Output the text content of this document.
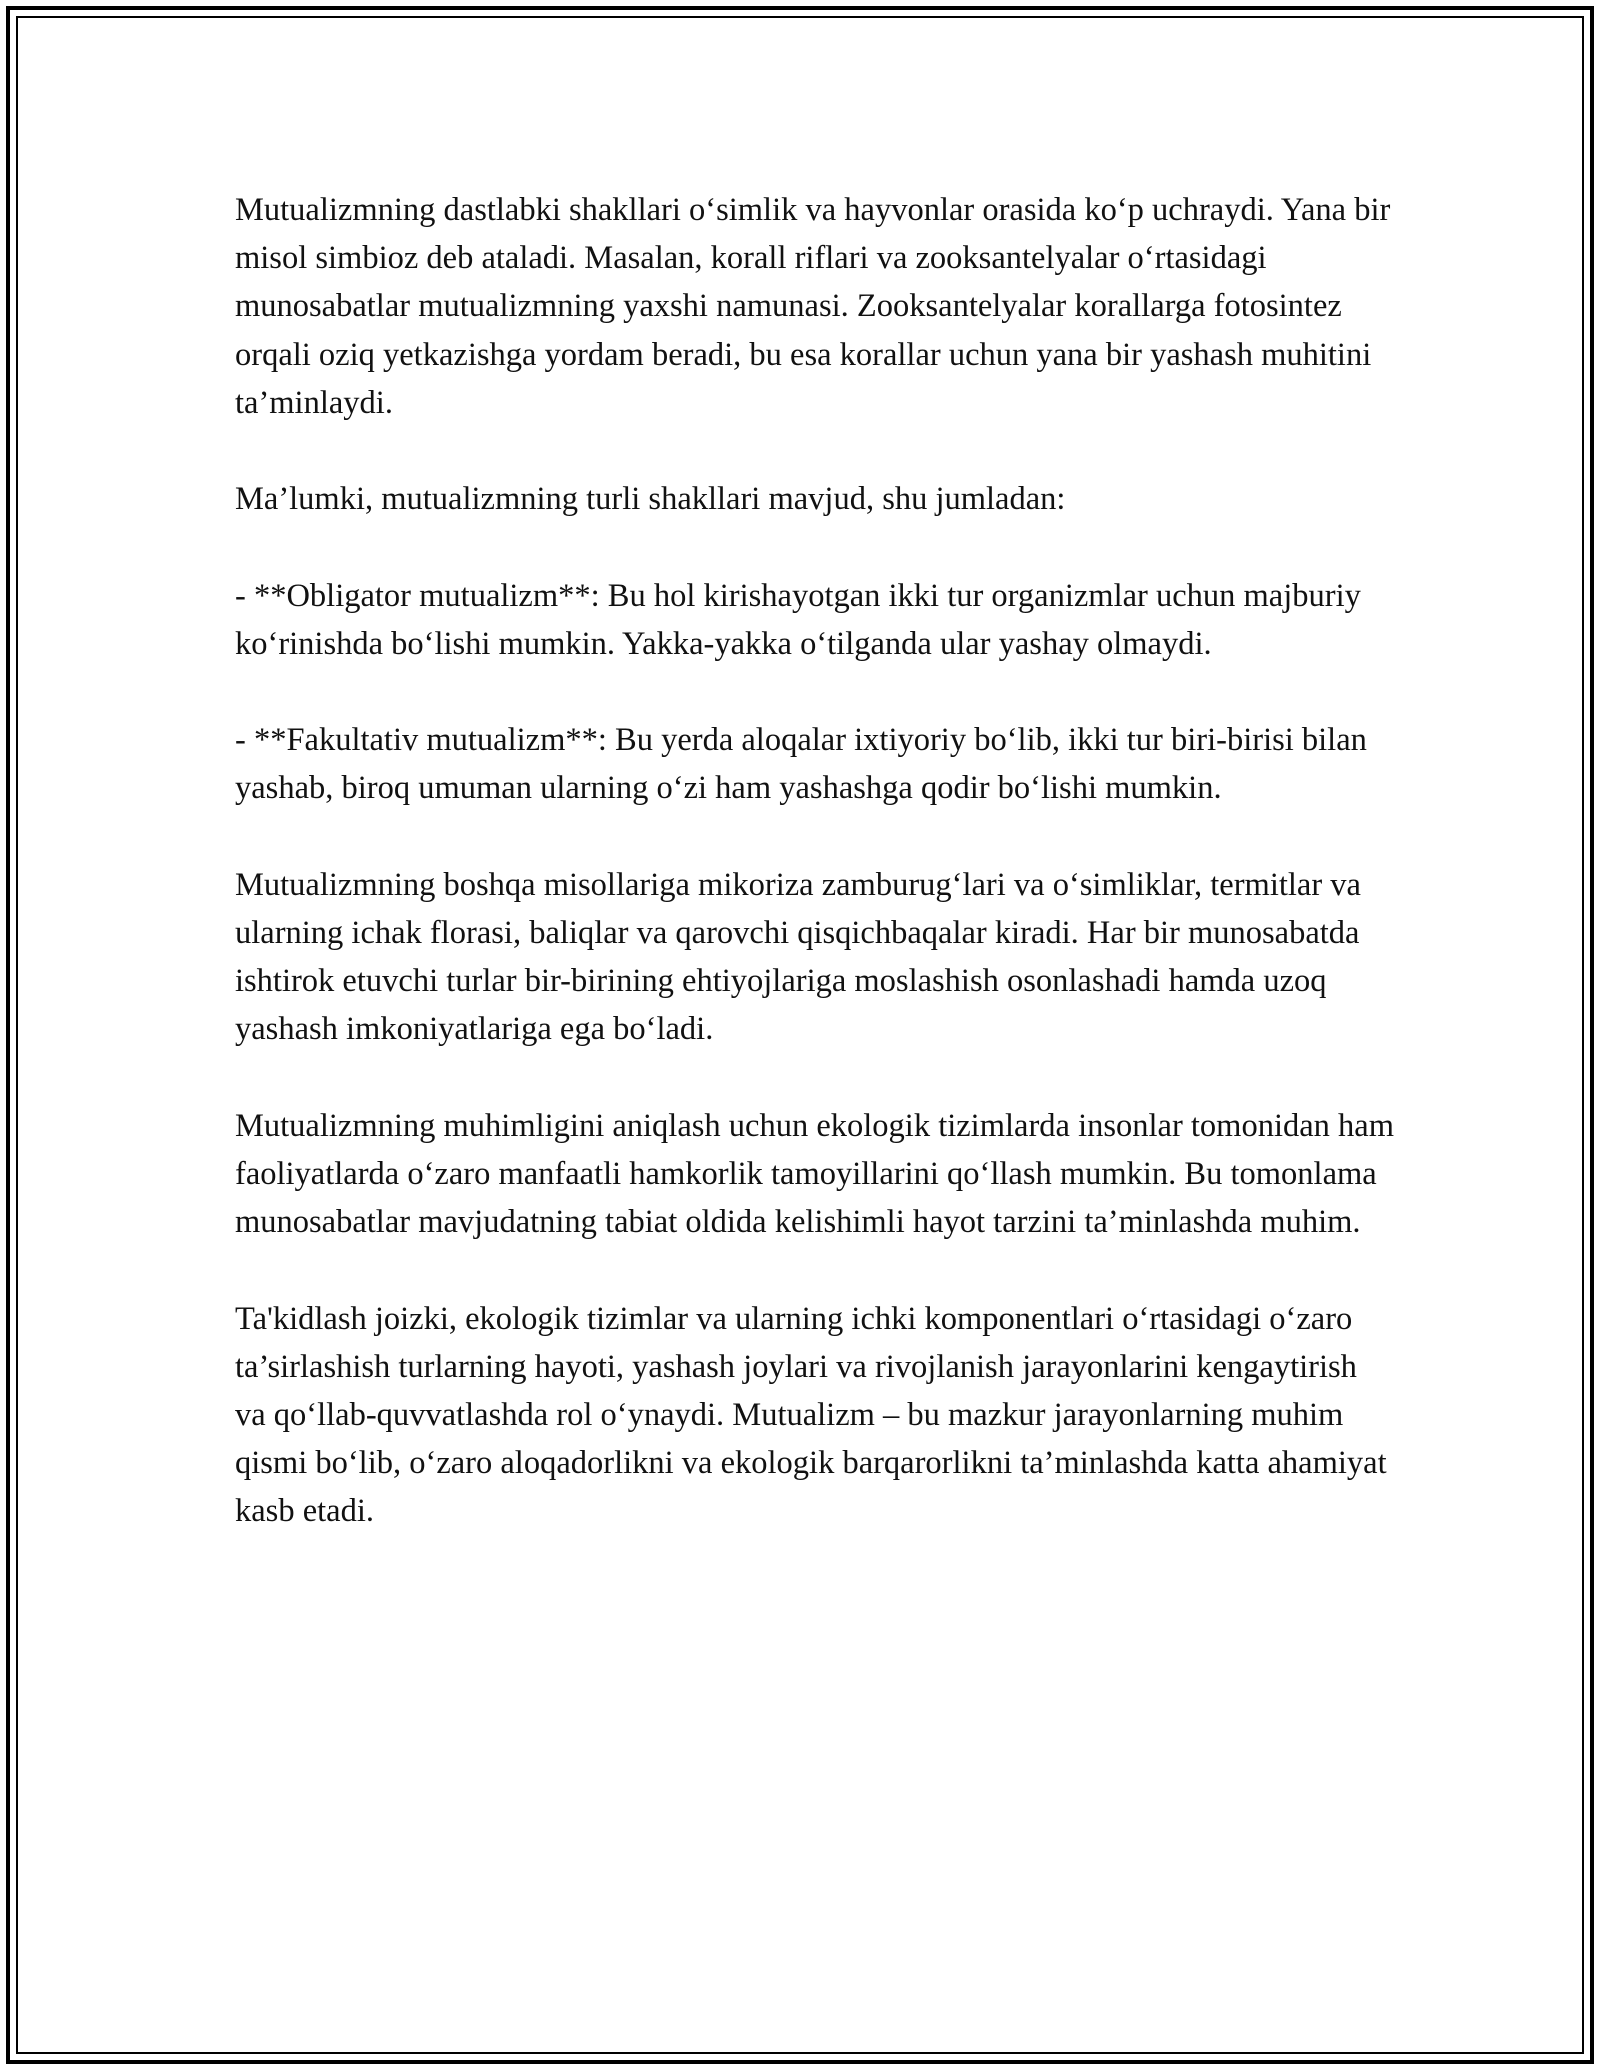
Mutualizmning dastlabki shakllari o‘simlik va hayvonlar orasida ko‘p uchraydi. Yana bir misol simbioz deb ataladi. Masalan, korall riflari va zooksantelyalar o‘rtasidagi munosabatlar mutualizmning yaxshi namunasi. Zooksantelyalar korallarga fotosintez orqali oziq yetkazishga yordam beradi, bu esa korallar uchun yana bir yashash muhitini ta’minlaydi.

Ma’lumki, mutualizmning turli shakllari mavjud, shu jumladan:

- **Obligator mutualizm**: Bu hol kirishayotgan ikki tur organizmlar uchun majburiy ko‘rinishda bo‘lishi mumkin. Yakka-yakka o‘tilganda ular yashay olmaydi.

- **Fakultativ mutualizm**: Bu yerda aloqalar ixtiyoriy bo‘lib, ikki tur biri-birisi bilan yashab, biroq umuman ularning o‘zi ham yashashga qodir bo‘lishi mumkin.

Mutualizmning boshqa misollariga mikoriza zamburug‘lari va o‘simliklar, termitlar va ularning ichak florasi, baliqlar va qarovchi qisqichbaqalar kiradi. Har bir munosabatda ishtirok etuvchi turlar bir-birining ehtiyojlariga moslashish osonlashadi hamda uzoq yashash imkoniyatlariga ega bo‘ladi.

Mutualizmning muhimligini aniqlash uchun ekologik tizimlarda insonlar tomonidan ham faoliyatlarda o‘zaro manfaatli hamkorlik tamoyillarini qo‘llash mumkin. Bu tomonlama munosabatlar mavjudatning tabiat oldida kelishimli hayot tarzini ta’minlashda muhim.

Ta'kidlash joizki, ekologik tizimlar va ularning ichki komponentlari o‘rtasidagi o‘zaro ta’sirlashish turlarning hayoti, yashash joylari va rivojlanish jarayonlarini kengaytirish va qo‘llab-quvvatlashda rol o‘ynaydi. Mutualizm – bu mazkur jarayonlarning muhim qismi bo‘lib, o‘zaro aloqadorlikni va ekologik barqarorlikni ta’minlashda katta ahamiyat kasb etadi.
